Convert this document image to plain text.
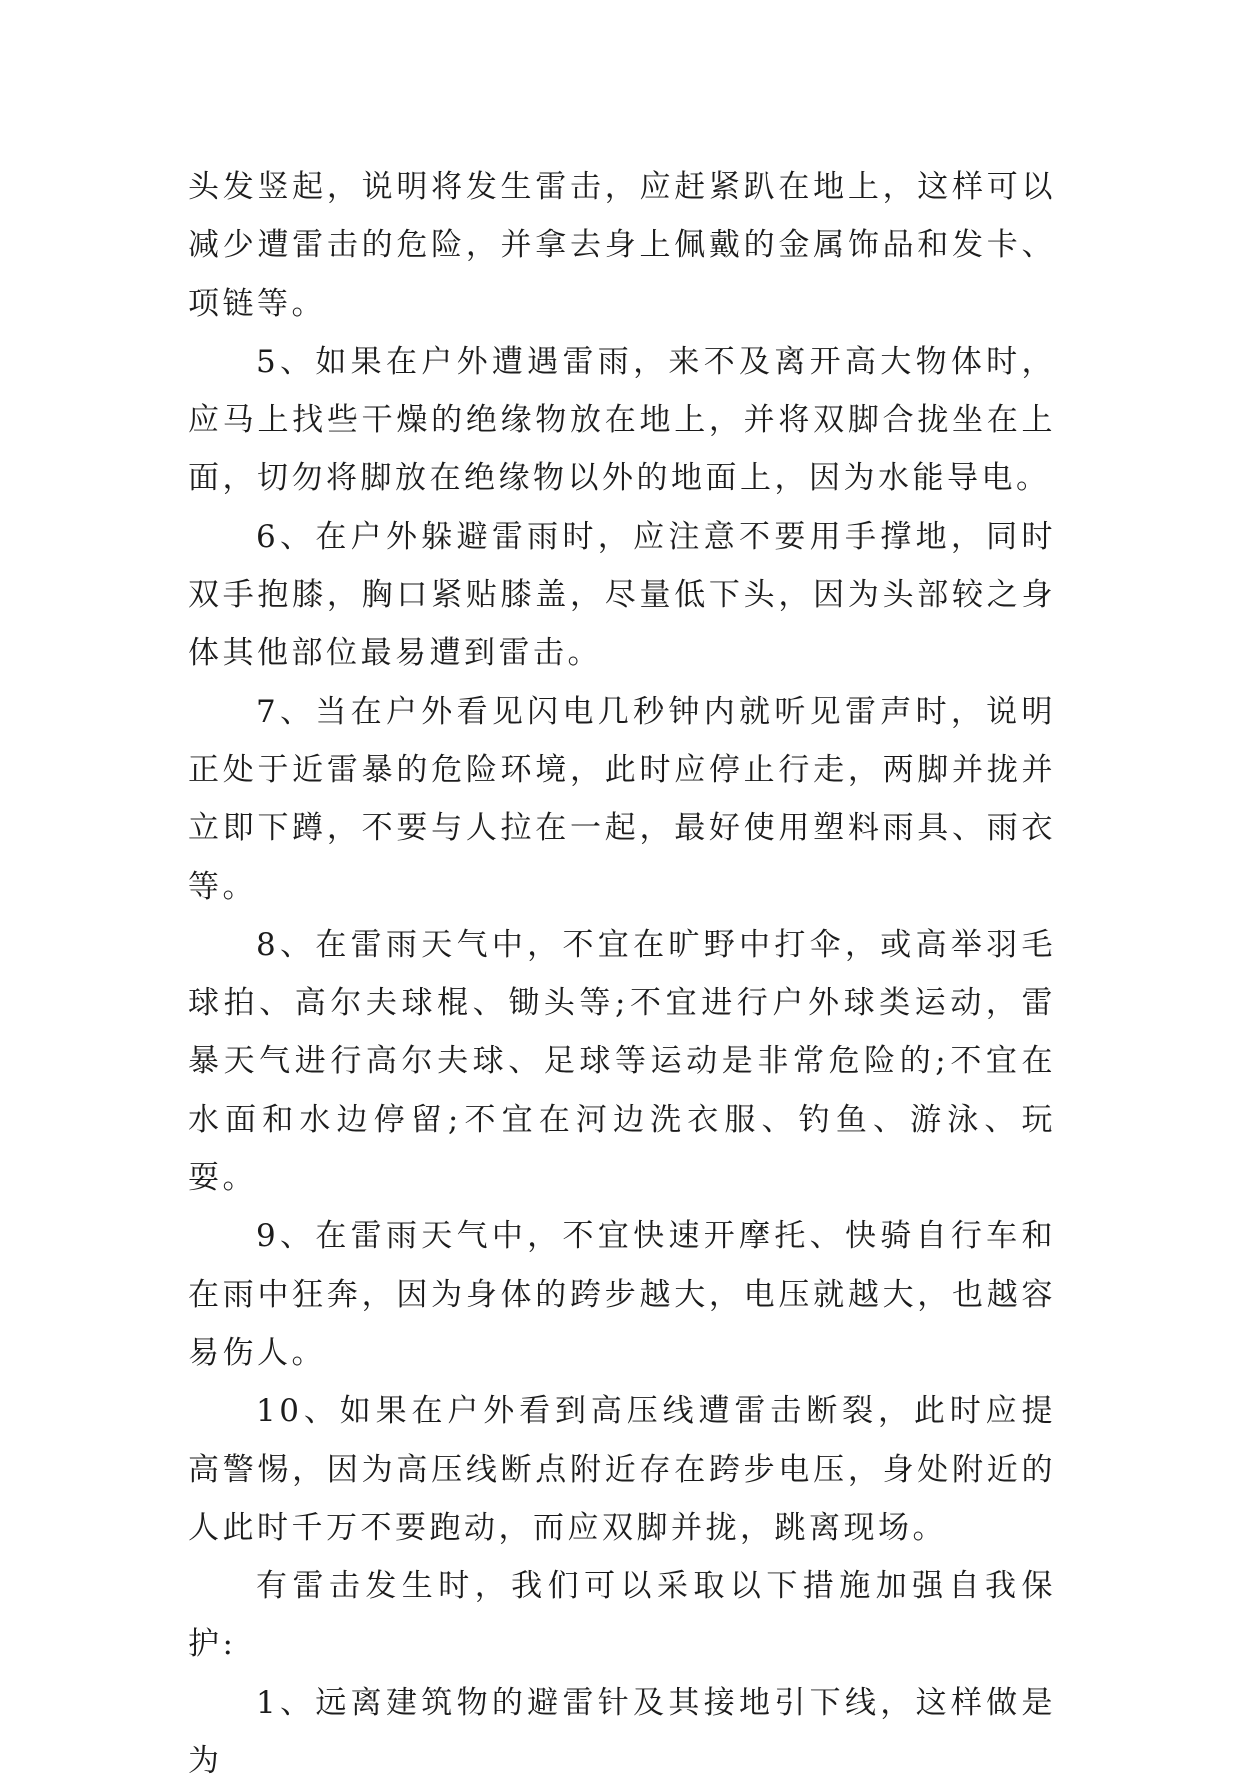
头发竖起，说明将发生雷击，应赶紧趴在地上，这样可以减少遭雷击的危险，并拿去身上佩戴的金属饰品和发卡、项链等。

5、如果在户外遭遇雷雨，来不及离开高大物体时，应马上找些干燥的绝缘物放在地上，并将双脚合拢坐在上面，切勿将脚放在绝缘物以外的地面上，因为水能导电。

6、在户外躲避雷雨时，应注意不要用手撑地，同时双手抱膝，胸口紧贴膝盖，尽量低下头，因为头部较之身体其他部位最易遭到雷击。

7、当在户外看见闪电几秒钟内就听见雷声时，说明正处于近雷暴的危险环境，此时应停止行走，两脚并拢并立即下蹲，不要与人拉在一起，最好使用塑料雨具、雨衣等。

8、在雷雨天气中，不宜在旷野中打伞，或高举羽毛球拍、高尔夫球棍、锄头等;不宜进行户外球类运动，雷暴天气进行高尔夫球、足球等运动是非常危险的;不宜在水面和水边停留;不宜在河边洗衣服、钓鱼、游泳、玩耍。

9、在雷雨天气中，不宜快速开摩托、快骑自行车和在雨中狂奔，因为身体的跨步越大，电压就越大，也越容易伤人。

10、如果在户外看到高压线遭雷击断裂，此时应提高警惕，因为高压线断点附近存在跨步电压，身处附近的人此时千万不要跑动，而应双脚并拢，跳离现场。

有雷击发生时，我们可以采取以下措施加强自我保护:

1、远离建筑物的避雷针及其接地引下线，这样做是为
